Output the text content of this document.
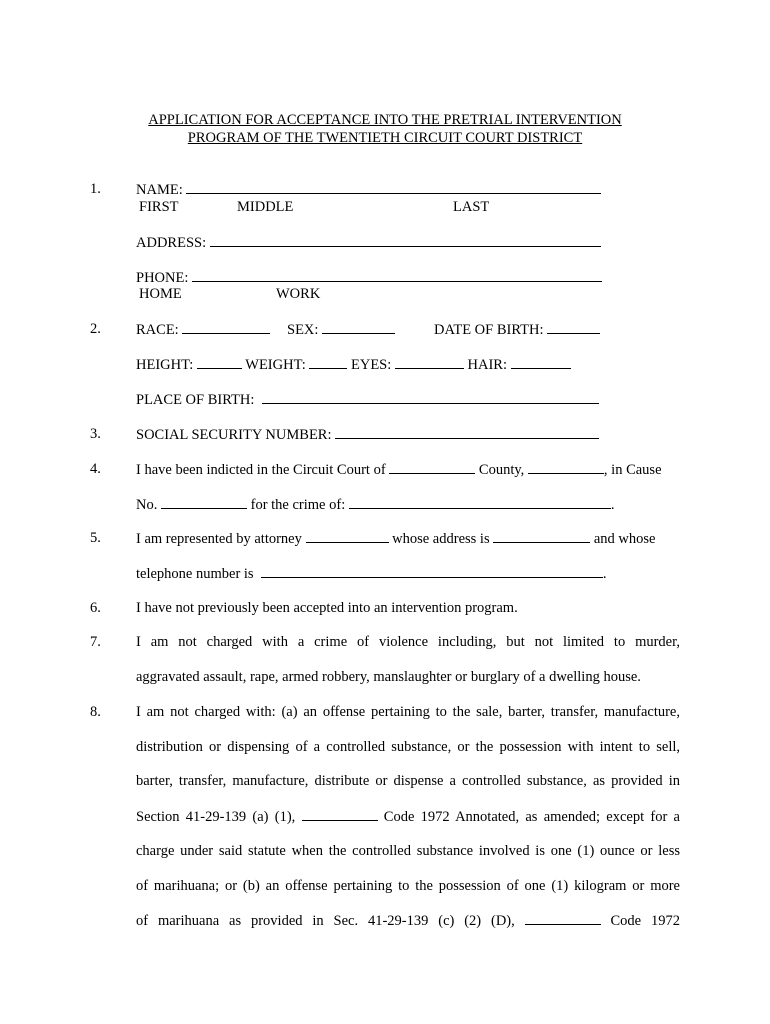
APPLICATION FOR ACCEPTANCE INTO THE PRETRIAL INTERVENTION
PROGRAM OF THE TWENTIETH CIRCUIT COURT DISTRICT
1. NAME:
FIRST	MIDDLE	LAST
ADDRESS:
PHONE:
HOME	WORK
2. RACE:	SEX:	DATE OF BIRTH:
HEIGHT:	WEIGHT:	EYES:	HAIR:
PLACE OF BIRTH:
3. SOCIAL SECURITY NUMBER:
4. I have been indicted in the Circuit Court of	County,	, in Cause
No.	for the crime of:	.
5. I am represented by attorney	whose address is	and whose
telephone number is	.
6. I have not previously been accepted into an intervention program.
7. I am not charged with a crime of violence including, but not limited to murder,
aggravated assault, rape, armed robbery, manslaughter or burglary of a dwelling house.
8. I am not charged with: (a) an offense pertaining to the sale, barter, transfer, manufacture,
distribution or dispensing of a controlled substance, or the possession with intent to sell,
barter, transfer, manufacture, distribute or dispense a controlled substance, as provided in
Section 41-29-139 (a) (1),	Code 1972 Annotated, as amended; except for a
charge under said statute when the controlled substance involved is one (1) ounce or less
of marihuana; or (b) an offense pertaining to the possession of one (1) kilogram or more
of marihuana as provided in Sec. 41-29-139 (c) (2) (D),	Code 1972
